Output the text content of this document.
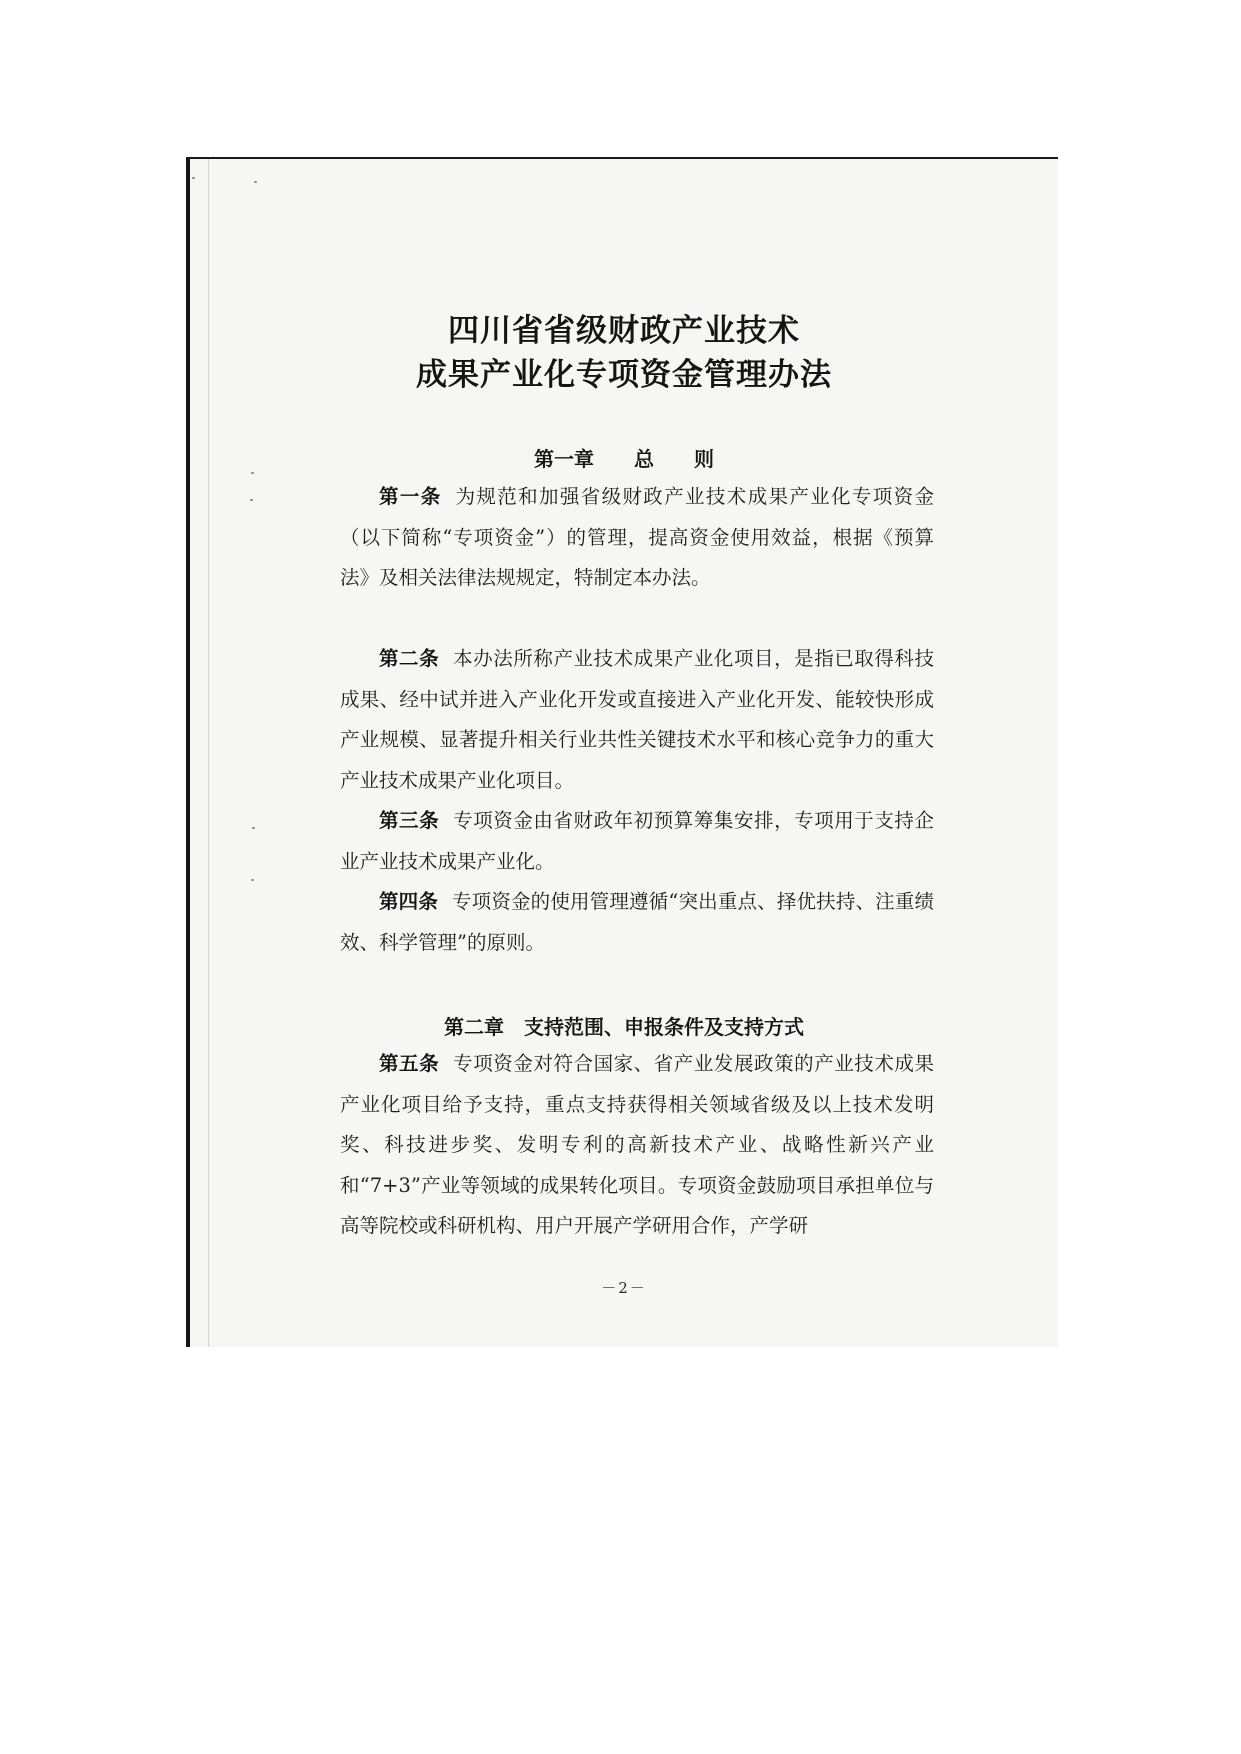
四川省省级财政产业技术
成果产业化专项资金管理办法
第一章　　总　　则

第一条 为规范和加强省级财政产业技术成果产业化专项资金（以下简称“专项资金”）的管理，提高资金使用效益，根据《预算法》及相关法律法规规定，特制定本办法。

第二条 本办法所称产业技术成果产业化项目，是指已取得科技成果、经中试并进入产业化开发或直接进入产业化开发、能较快形成产业规模、显著提升相关行业共性关键技术水平和核心竞争力的重大产业技术成果产业化项目。

第三条 专项资金由省财政年初预算筹集安排，专项用于支持企业产业技术成果产业化。

第四条 专项资金的使用管理遵循“突出重点、择优扶持、注重绩效、科学管理”的原则。

第二章　支持范围、申报条件及支持方式

第五条 专项资金对符合国家、省产业发展政策的产业技术成果产业化项目给予支持，重点支持获得相关领域省级及以上技术发明奖、科技进步奖、发明专利的高新技术产业、战略性新兴产业和“7+3”产业等领域的成果转化项目。专项资金鼓励项目承担单位与高等院校或科研机构、用户开展产学研用合作，产学研

－2－
